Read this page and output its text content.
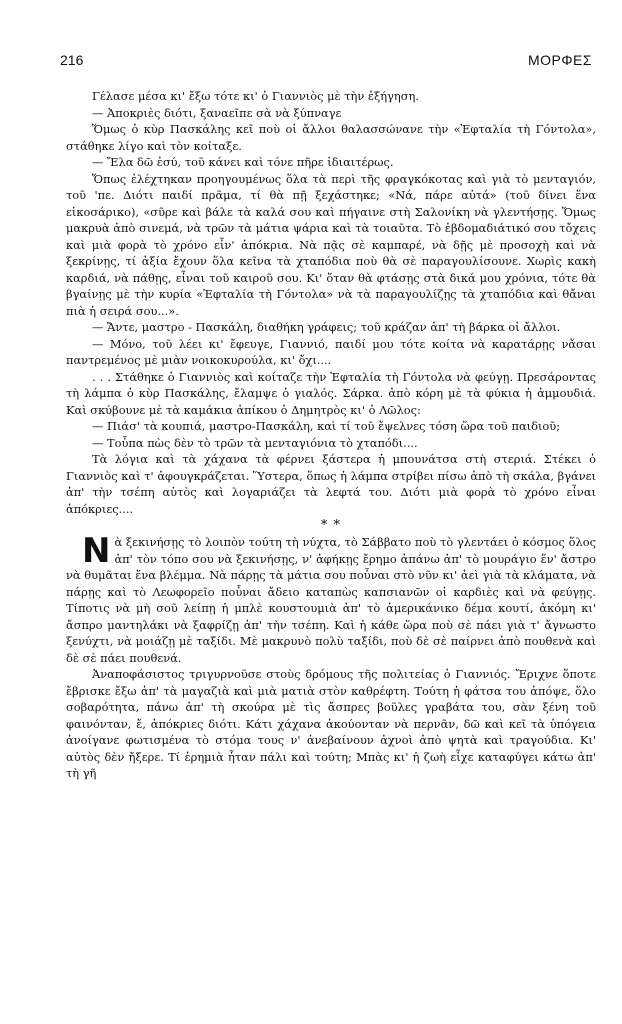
216	ΜΟΡΦΕΣ

Γέλασε μέσα κι' ἔξω τότε κι' ὁ Γιαννιὸς μὲ τὴν ἐξήγηση.

— Ἀποκριὲς διότι, ξαναεῖπε σὰ νὰ ξύπναγε

Ὅμως ὁ κὺρ Πασκάλης κεῖ ποὺ οἱ ἄλλοι θαλασσώνανε τὴν «Ἐφταλία τὴ Γόντολα», στάθηκε λίγο καὶ τὸν κοίταξε.

— Ἔλα δῶ ἐσύ, τοῦ κάνει καὶ τόνε πῆρε ἰδιαιτέρως.

Ὅπως ἐλέχτηκαν προηγουμένως ὅλα τὰ περὶ τῆς φραγκόκοτας καὶ γιὰ τὸ μενταγιόν, τοῦ 'πε. Διότι παιδί πρᾶμα, τί θὰ πῇ ξεχάστηκε; «Νά, πάρε αὐτά» (τοῦ δίνει ἕνα εἰκοσάρικο), «σῦρε καὶ βάλε τὰ καλά σου καὶ πήγαινε στὴ Σαλονίκη νὰ γλεντήσῃς. Ὅμως μακρυὰ ἀπὸ σινεμά, νὰ τρῶν τὰ μάτια ψάρια καὶ τὰ τοιαῦτα. Τὸ ἑβδομαδιάτικό σου τὄχεις καὶ μιὰ φορὰ τὸ χρόνο εἶν' ἀπόκρια. Νὰ πᾷς σὲ καμπαρέ, νὰ δῇς μὲ προσοχὴ καὶ νὰ ξεκρίνῃς, τί ἀξία ἔχουν ὅλα κεῖνα τὰ χταπόδια ποὺ θὰ σὲ παραγουλίσουνε. Χωρὶς κακὴ καρδιά, νὰ πάθῃς, εἶναι τοῦ καιροῦ σου. Κι' ὅταν θὰ φτάσῃς στὰ δικά μου χρόνια, τότε θὰ βγαίνῃς μὲ τὴν κυρία «Ἐφταλία τὴ Γόντολα» νὰ τὰ παραγουλίζῃς τὰ χταπόδια καὶ θἄναι πιὰ ἡ σειρά σου...».

— Ἄντε, μαστρο - Πασκάλη, διαθήκη γράφεις; τοῦ κράζαν ἀπ' τὴ βάρκα οἱ ἄλλοι.

— Μόνο, τοῦ λέει κι' ἔφευγε, Γιαννιό, παιδί μου τότε κοίτα νὰ καρατάρῃς νἄσαι παντρεμένος μὲ μιὰν νοικοκυρούλα, κι' ὄχι....

. . . Στάθηκε ὁ Γιαννιὸς καὶ κοίταζε τὴν Ἐφταλία τὴ Γόντολα νὰ φεύγῃ. Πρεσάροντας τὴ λάμπα ὁ κὺρ Πασκάλης, ἔλαμψε ὁ γιαλός. Σάρκα. ἀπὸ κόρη μὲ τὰ φύκια ἡ ἀμμουδιά. Καὶ σκύβουνε μὲ τὰ καμάκια ἀπίκου ὁ Δημητρὸς κι' ὁ Λῶλος:

— Πιάσ' τὰ κουπιά, μαστρο-Πασκάλη, καὶ τί τοῦ ἔψελνες τόση ὥρα τοῦ παιδιοῦ;

— Τοὖπα πὼς δὲν τὸ τρῶν τὰ μενταγιόνια τὸ χταπόδι....

Τὰ λόγια καὶ τὰ χάχανα τὰ φέρνει ξάστερα ἡ μπουνάτσα στὴ στεριά. Στέκει ὁ Γιαννιὸς καὶ τ' ἀφουγκράζεται. Ὕστερα, ὅπως ἡ λάμπα στρίβει πίσω ἀπὸ τὴ σκάλα, βγάνει ἀπ' τὴν τσέπη αὐτὸς καὶ λογαριάζει τὰ λεφτά του. Διότι μιὰ φορὰ τὸ χρόνο εἶναι ἀπόκριες....

* *

Ν ὰ ξεκινήσῃς τὸ λοιπὸν τούτη τὴ νύχτα, τὸ Σάββατο ποὺ τὸ γλεντάει ὁ κόσμος ὅλος ἀπ' τὸν τόπο σου νὰ ξεκινήσῃς, ν' ἀφήκῃς ἔρημο ἀπάνω ἀπ' τὸ μουράγιο ἕν' ἄστρο νὰ θυμᾶται ἕνα βλέμμα. Νὰ πάρῃς τὰ μάτια σου ποὖναι στὸ νῦν κι' ἀεὶ γιὰ τὰ κλάματα, νὰ πάρῃς καὶ τὸ Λεωφορεῖο ποὖναι ἄδειο καταπὼς καπσιανῶν οἱ καρδιὲς καὶ νὰ φεύγῃς. Τίποτις νὰ μὴ σοῦ λείπῃ ἡ μπλὲ κουστουμιὰ ἀπ' τὸ ἀμερικάνικο δέμα κουτί, ἀκόμη κι' ἄσπρο μαντηλάκι νὰ ξαφρίζῃ ἀπ' τὴν τσέπη. Καὶ ἡ κάθε ὥρα ποὺ σὲ πάει γιὰ τ' ἄγνωστο ξενύχτι, νὰ μοιάζῃ μὲ ταξίδι. Μὲ μακρυνὸ πολὺ ταξίδι, ποὺ δὲ σὲ παίρνει ἀπὸ πουθενὰ καὶ δὲ σὲ πάει πουθενά.

Ἀναποφάσιστος τριγυρνοῦσε στοὺς δρόμους τῆς πολιτείας ὁ Γιαννιός. Ἔριχνε ὅποτε ἔβρισκε ἔξω ἀπ' τὰ μαγαζιὰ καὶ μιὰ ματιὰ στὸν καθρέφτη. Τούτη ἡ φάτσα του ἀπόψε, ὅλο σοβαρότητα, πάνω ἀπ' τὴ σκούρα μὲ τὶς ἄσπρες βοῦλες γραβάτα του, σὰν ξένη τοῦ φαινόνταν, ἔ, ἀπόκριες διότι. Κάτι χάχανα ἀκούονταν νὰ περνᾶν, δῶ καὶ κεῖ τὰ ὑπόγεια ἀνοίγανε φωτισμένα τὸ στόμα τους ν' ἀνεβαίνουν ἀχνοὶ ἀπὸ ψητὰ καὶ τραγούδια. Κι' αὐτὸς δὲν ἤξερε. Τί ἐρημιὰ ἦταν πάλι καὶ τούτη; Μπὰς κι' ἡ ζωὴ εἶχε καταφύγει κάτω ἀπ' τὴ γῆ
